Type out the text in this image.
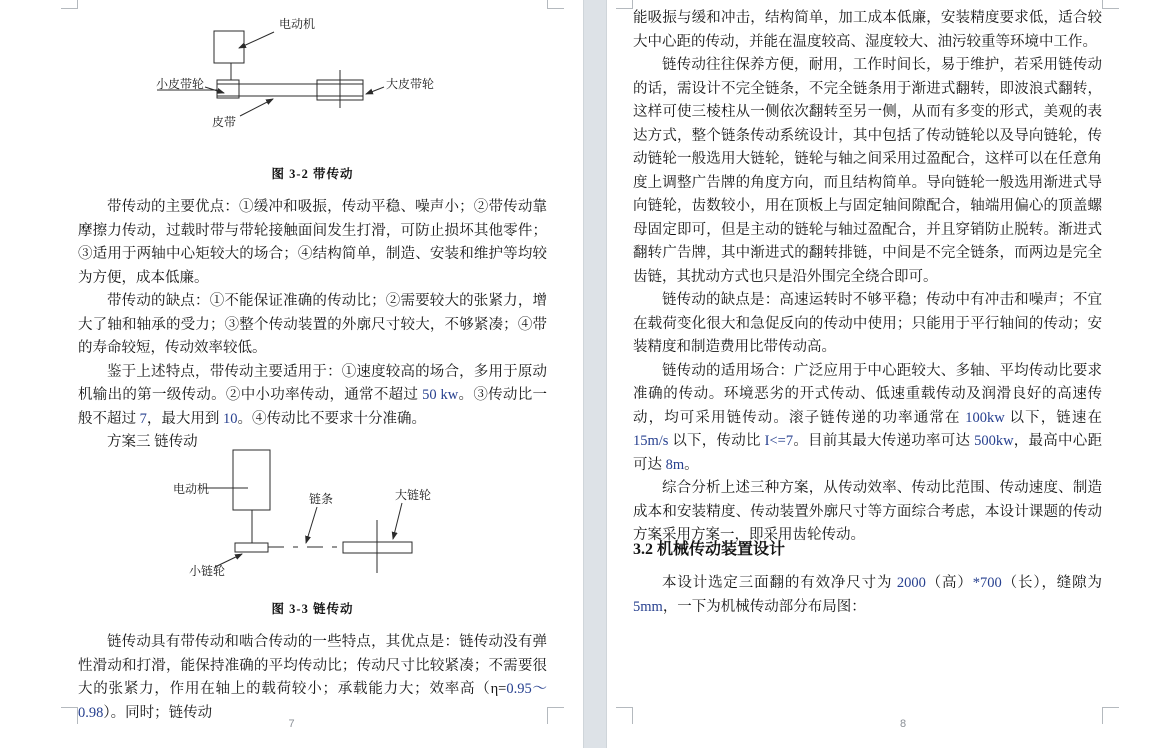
电动机
小皮带轮	大皮带轮
皮带
图 3-2 带传动

带传动的主要优点：①缓冲和吸振，传动平稳、噪声小；②带传动靠摩擦力传动，过载时带与带轮接触面间发生打滑，可防止损坏其他零件；③适用于两轴中心矩较大的场合；④结构简单，制造、安装和维护等均较为方便，成本低廉。

带传动的缺点：①不能保证准确的传动比；②需要较大的张紧力，增大了轴和轴承的受力；③整个传动装置的外廓尺寸较大，不够紧凑；④带的寿命较短，传动效率较低。

鉴于上述特点，带传动主要适用于：①速度较高的场合，多用于原动机输出的第一级传动。②中小功率传动，通常不超过 50 kw。③传动比一般不超过 7，最大用到 10。④传动比不要求十分准确。

方案三 链传动

电动机
链条	大链轮
小链轮
图 3-3 链传动

链传动具有带传动和啮合传动的一些特点，其优点是：链传动没有弹性滑动和打滑，能保持准确的平均传动比；传动尺寸比较紧凑；不需要很大的张紧力，作用在轴上的载荷较小；承载能力大；效率高（η=0.95～0.98）。同时；链传动

7

能吸振与缓和冲击，结构简单，加工成本低廉，安装精度要求低，适合较大中心距的传动，并能在温度较高、湿度较大、油污较重等环境中工作。

链传动往往保养方便，耐用，工作时间长，易于维护，若采用链传动的话，需设计不完全链条，不完全链条用于渐进式翻转，即波浪式翻转，这样可使三棱柱从一侧依次翻转至另一侧，从而有多变的形式，美观的表达方式，整个链条传动系统设计，其中包括了传动链轮以及导向链轮，传动链轮一般选用大链轮，链轮与轴之间采用过盈配合，这样可以在任意角度上调整广告牌的角度方向，而且结构简单。导向链轮一般选用渐进式导向链轮，齿数较小，用在顶板上与固定轴间隙配合，轴端用偏心的顶盖螺母固定即可，但是主动的链轮与轴过盈配合，并且穿销防止脱转。渐进式翻转广告牌，其中渐进式的翻转排链，中间是不完全链条，而两边是完全齿链，其扰动方式也只是沿外围完全绕合即可。

链传动的缺点是：高速运转时不够平稳；传动中有冲击和噪声；不宜在载荷变化很大和急促反向的传动中使用；只能用于平行轴间的传动；安装精度和制造费用比带传动高。

链传动的适用场合：广泛应用于中心距较大、多轴、平均传动比要求准确的传动。环境恶劣的开式传动、低速重载传动及润滑良好的高速传动，均可采用链传动。滚子链传递的功率通常在 100kw 以下，链速在 15m/s 以下，传动比 I<=7。目前其最大传递功率可达 500kw，最高中心距可达 8m。

综合分析上述三种方案，从传动效率、传动比范围、传动速度、制造成本和安装精度、传动装置外廓尺寸等方面综合考虑，本设计课题的传动方案采用方案一，即采用齿轮传动。

3.2 机械传动装置设计

本设计选定三面翻的有效净尺寸为 2000（高）*700（长），缝隙为 5mm，一下为机械传动部分布局图：

8
